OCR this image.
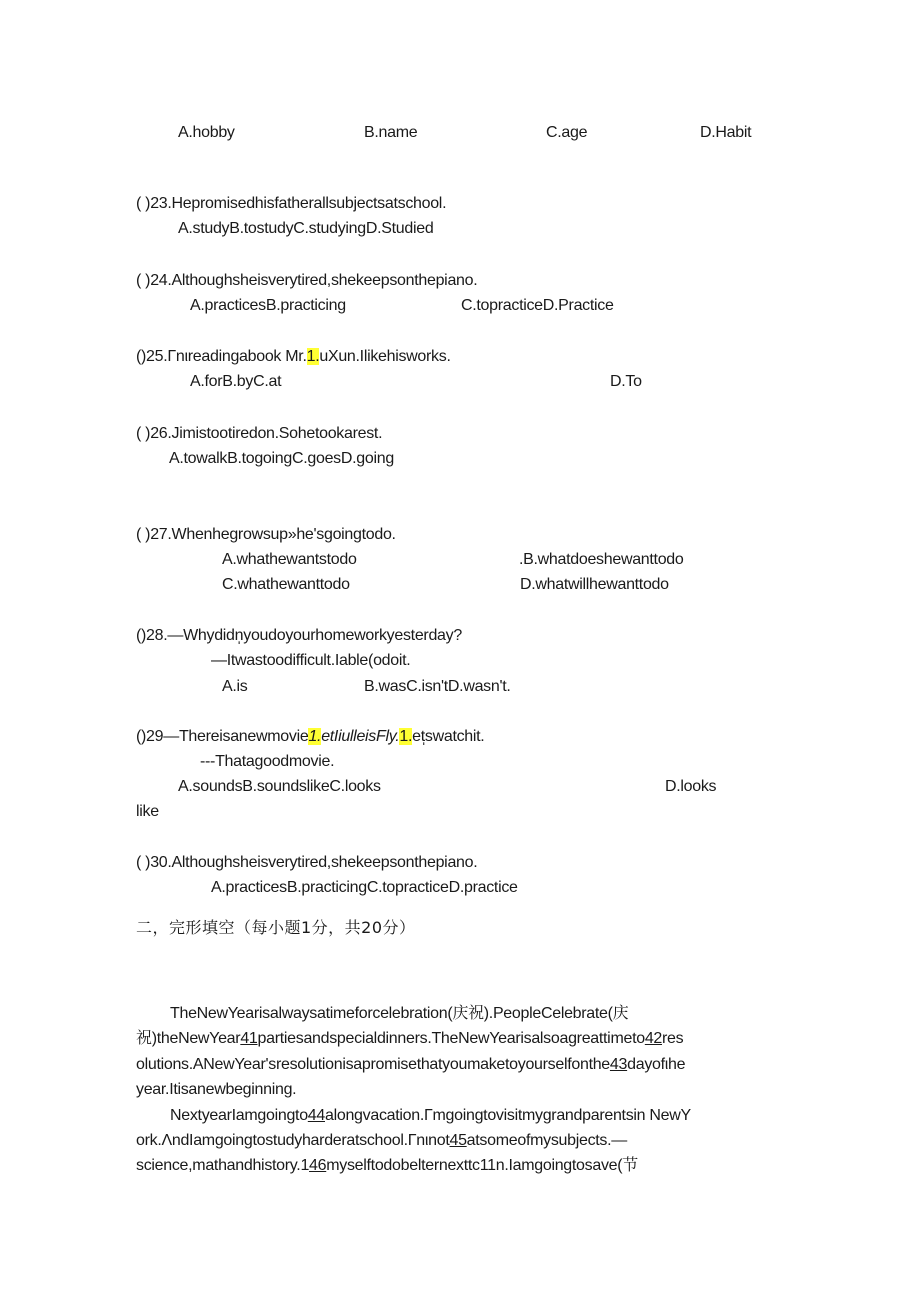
A.hobby	B.name	C.age	D.Habit
( )23.Hepromisedhisfatherallsubjectsatschool.
A.studyB.tostudyC.studyingD.Studied
( )24.Althoughsheisverytired,shekeepsonthepiano.
A.practicesB.practicing	C.topracticeD.Practice
()25.Γnιreadingabook Mr.1.uXun.Ilikehisworks.
A.forB.byC.at	D.To
( )26.Jimistootiredon.Sohetookarest.
A.towalkB.togoingC.goesD.going
( )27.Whenhegrowsup»he'sgoingtodo.
A.whathewantstodo	.B.whatdoeshewanttodo
C.whathewanttodo	D.whatwillhewanttodo
()28.—Whydidn̩youdoyourhomeworkyesterday?
—Itwastoodifficult.Iable(odoit.
A.is	B.wasC.isn'tD.wasn't.
()29—Thereisanewmovie1.etIiulleisFly.1.et̩swatchit.
---Thatagoodmovie.
A.soundsB.soundslikeC.looks	D.looks
like
( )30.Althoughsheisverytired,shekeepsonthepiano.
A.practicesB.practicingC.topracticeD.practice
二，完形填空（每小题1分，共20分）
TheNewYearisalwaysatimeforcelebration(庆祝).PeopleCelebrate(庆
祝)theNewYear41partiesandspecialdinners.TheNewYearisalsoagreattimeto42res
olutions.ANewYear'sresolutionisapromisethatyoumaketoyourselfonthe43dayofιhe
year.Itisanewbeginning.
NextyearIamgoingto44alongvacation.Γmgoingtovisitmygrandparentsin NewY
ork.ΛndIamgoingtostudyharderatschool.Γnιnot45atsomeofmysubjects.—
science,mathandhistory.146myselftodobelternexttc11n.Iamgoingtosave(节
